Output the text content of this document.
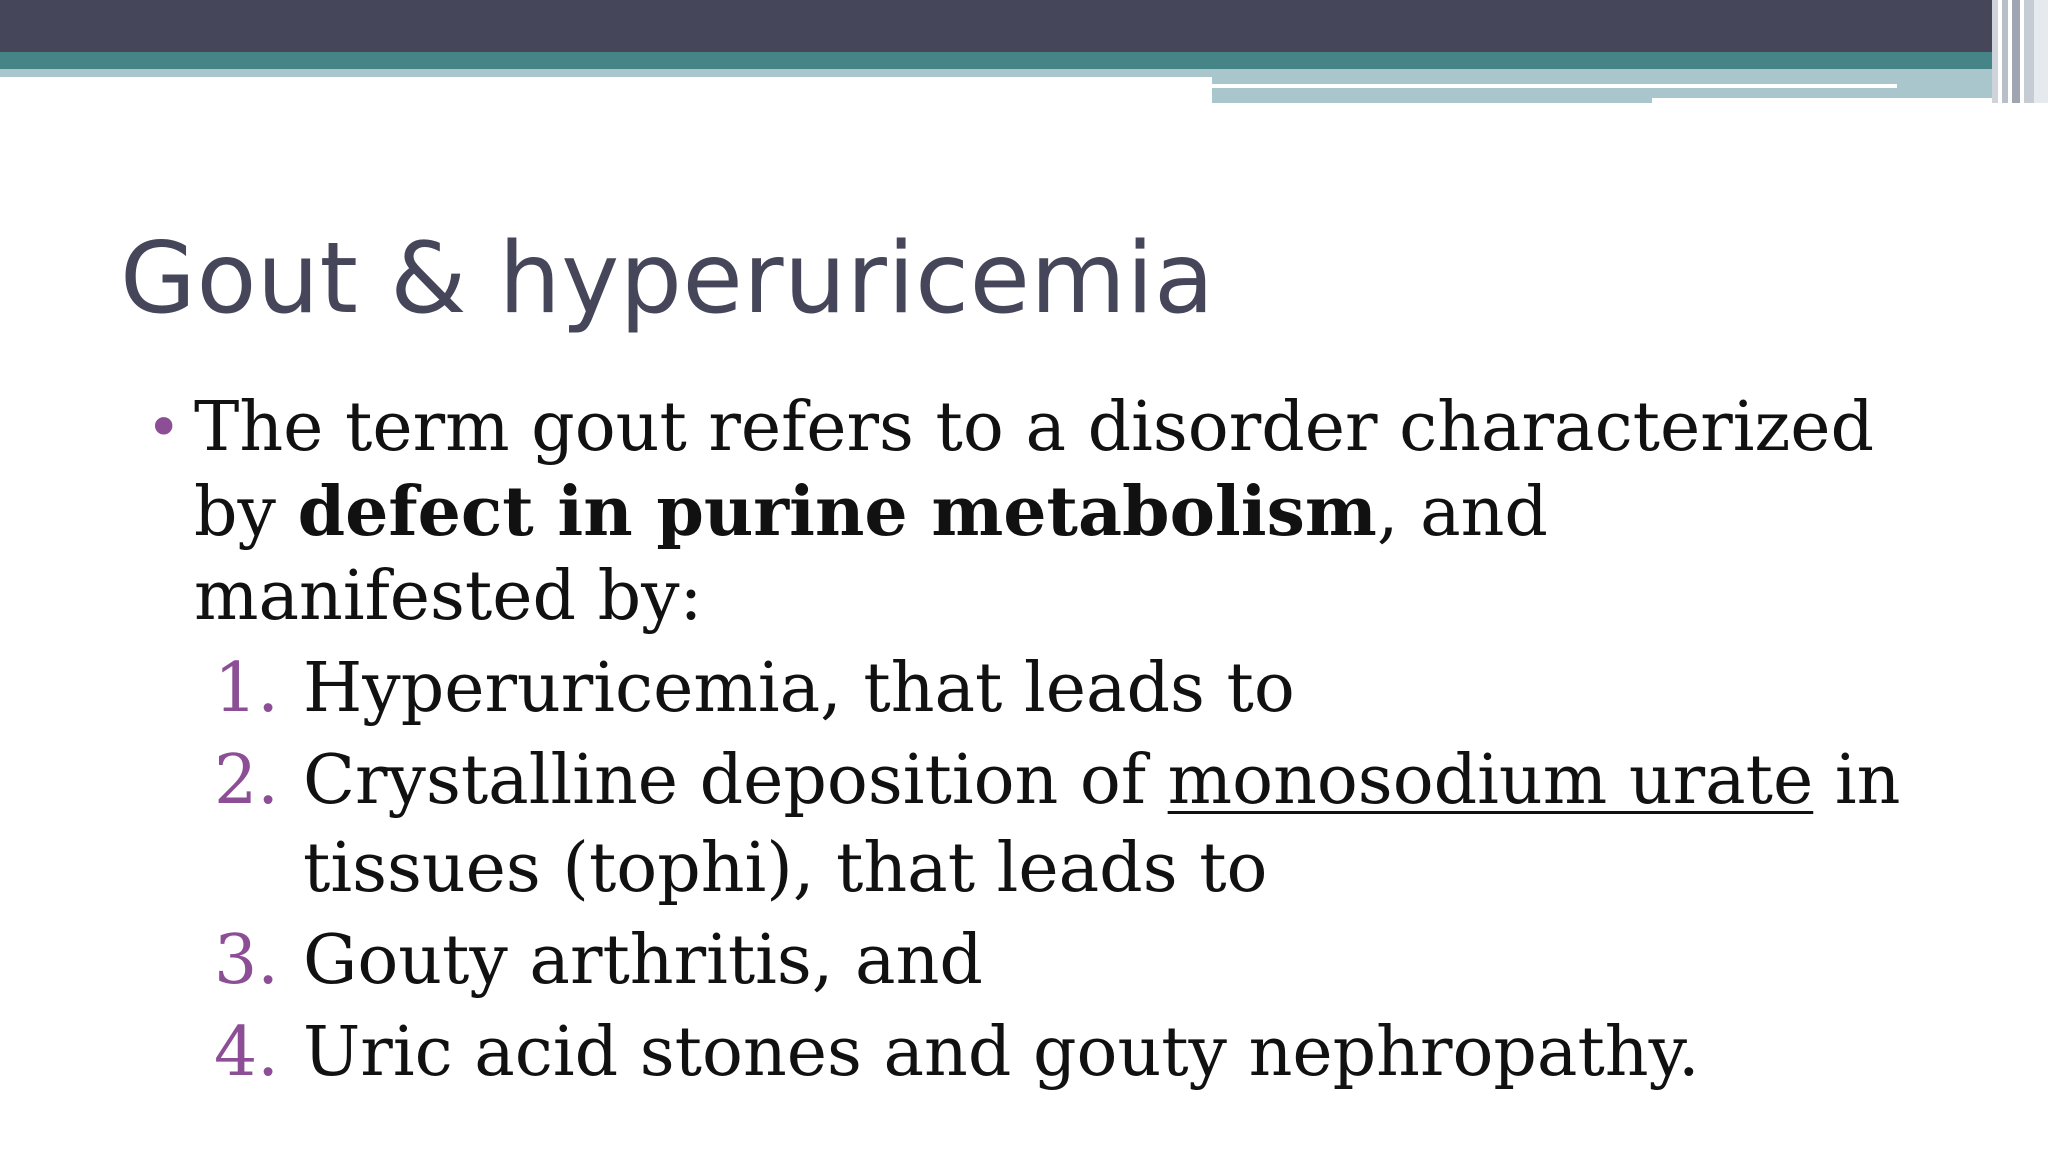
Gout & hyperuricemia
• The term gout refers to a disorder characterized by defect in purine metabolism, and manifested by:
1. Hyperuricemia, that leads to
2. Crystalline deposition of monosodium urate in tissues (tophi), that leads to
3. Gouty arthritis, and
4. Uric acid stones and gouty nephropathy.
